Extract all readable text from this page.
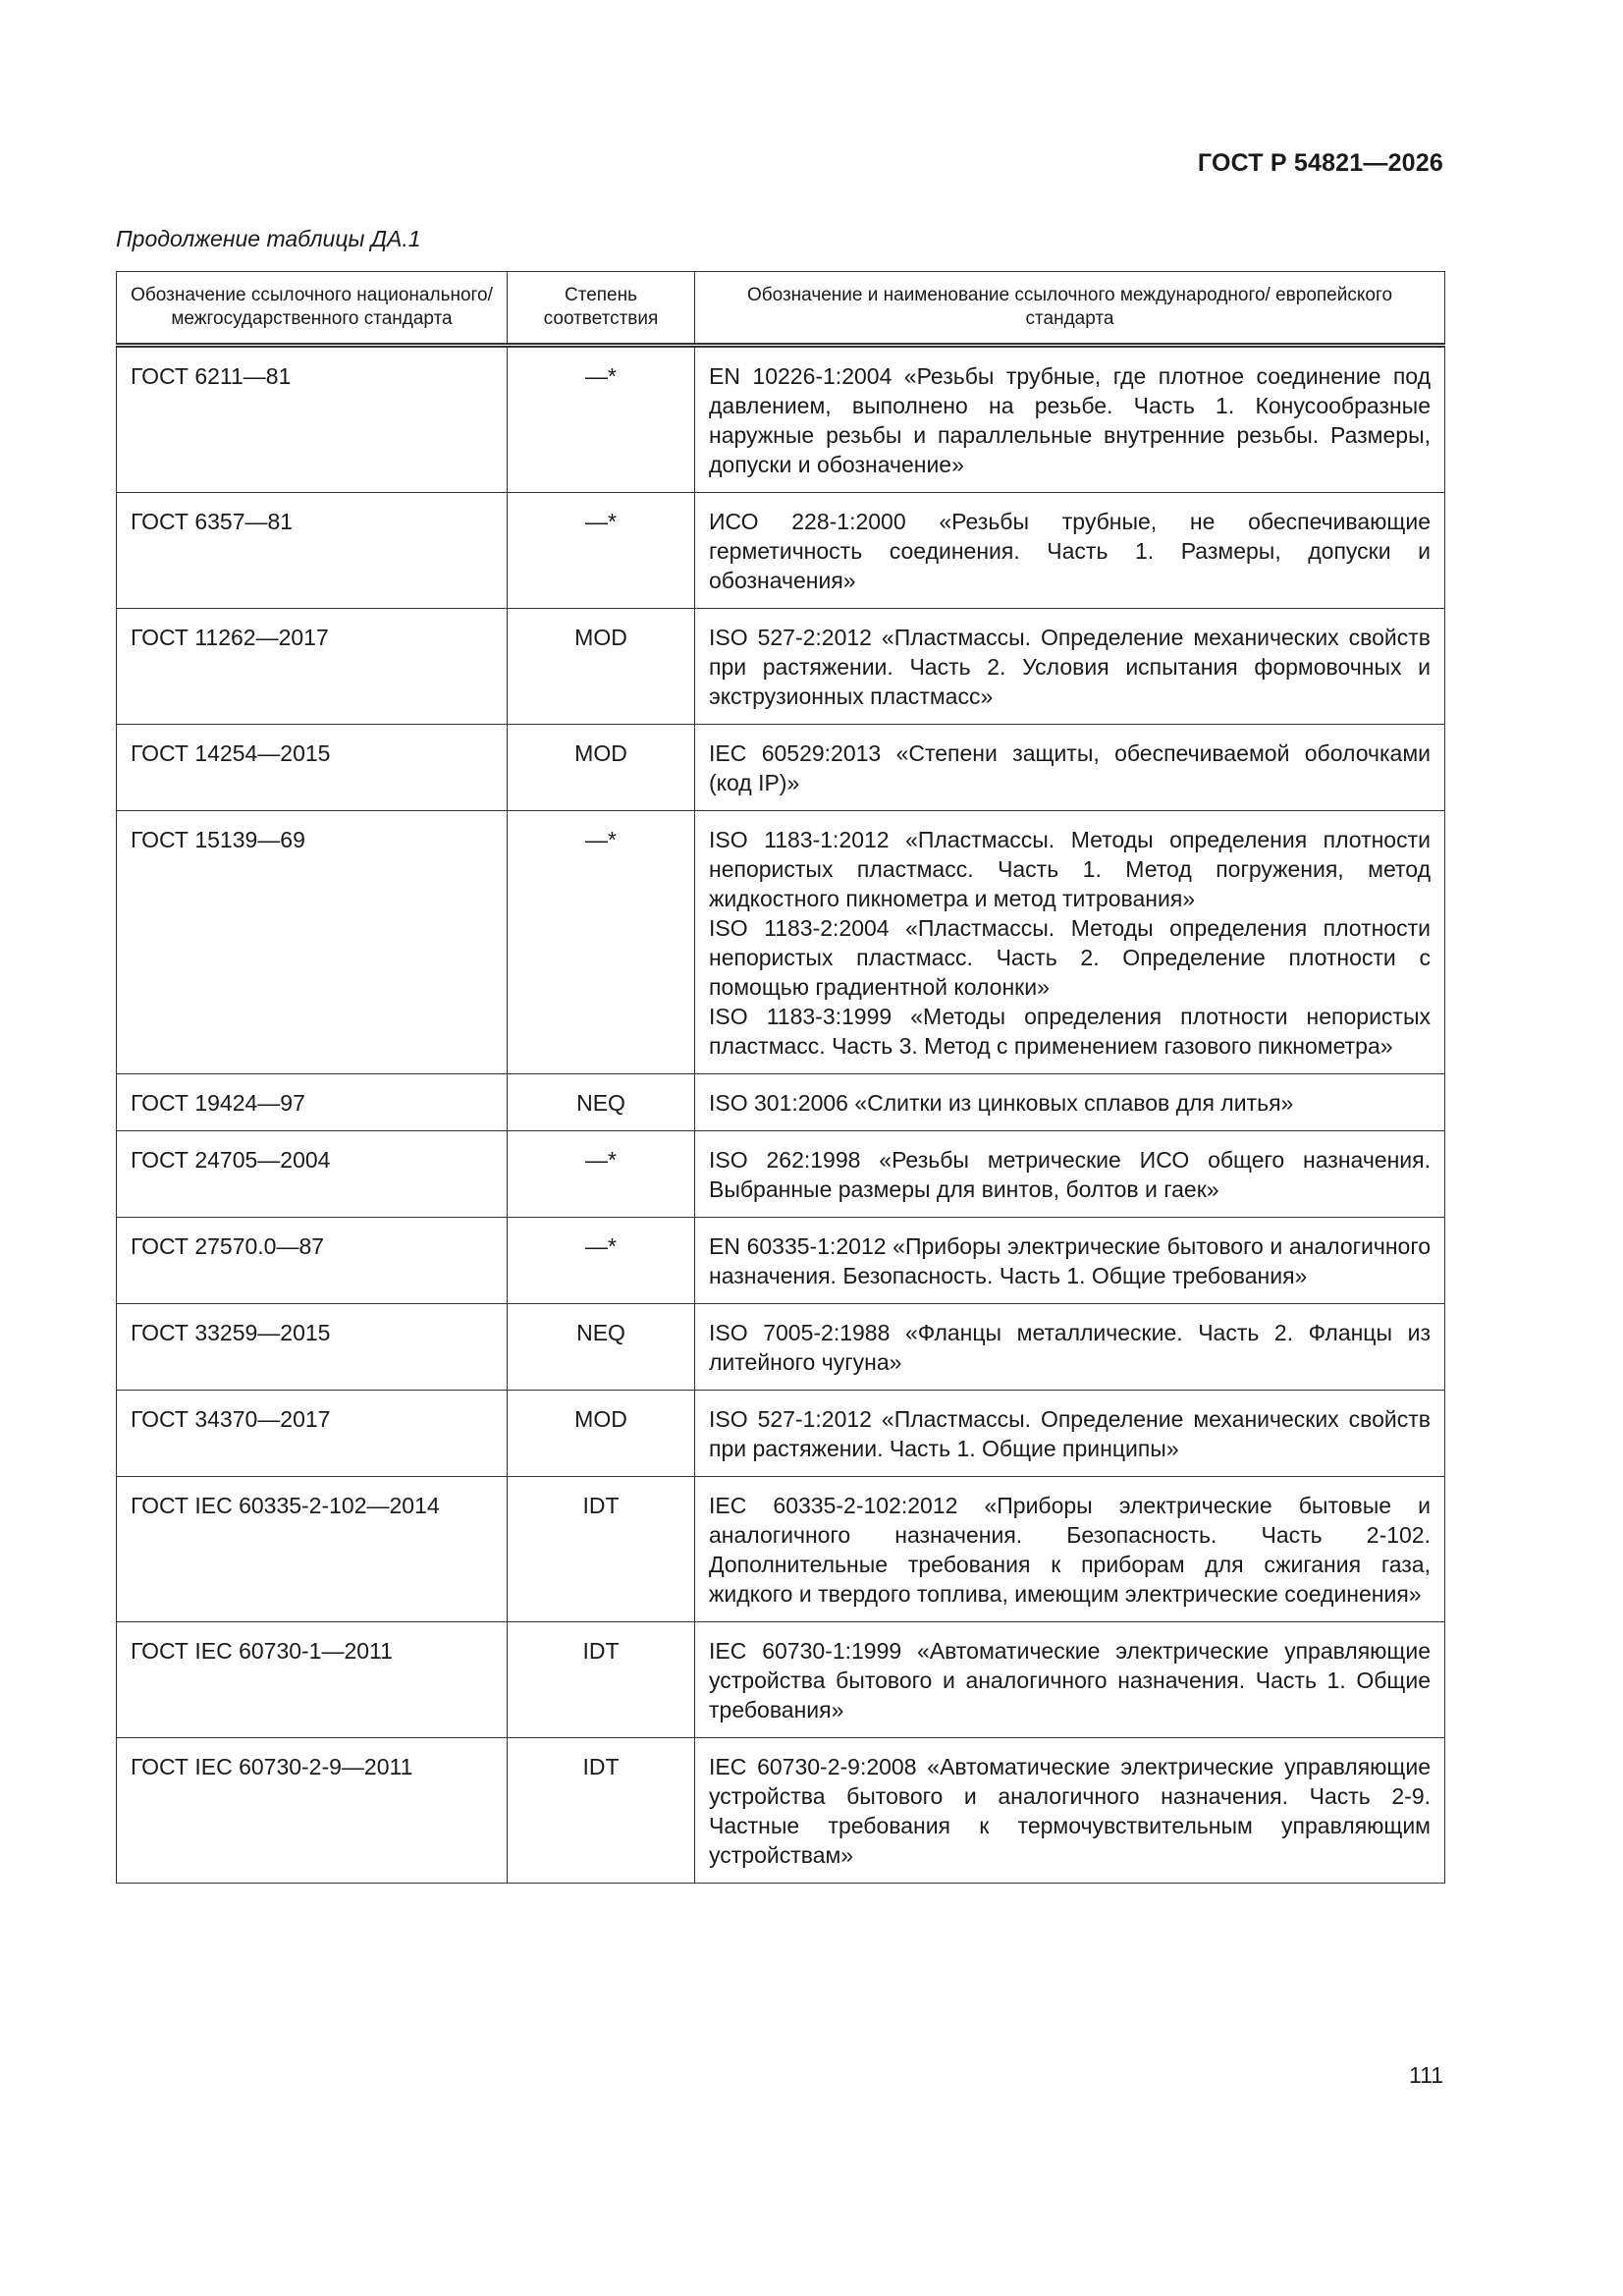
ГОСТ Р 54821—2026
Продолжение таблицы ДА.1
Обозначение ссылочного национального/ межгосударственного стандарта	Степень соответствия	Обозначение и наименование ссылочного международного/ европейского стандарта
ГОСТ 6211—81	—*	EN 10226-1:2004 «Резьбы трубные, где плотное соединение под давлением, выполнено на резьбе. Часть 1. Конусообразные наружные резьбы и параллельные внутренние резьбы. Размеры, допуски и обозначение»

ГОСТ 6357—81	—*	ИСО 228-1:2000 «Резьбы трубные, не обеспечивающие герметичность соединения. Часть 1. Размеры, допуски и обозначения»

ГОСТ 11262—2017	MOD	ISO 527-2:2012 «Пластмассы. Определение механических свойств при растяжении. Часть 2. Условия испытания формовочных и экструзионных пластмасс»

ГОСТ 14254—2015	MOD	IEC 60529:2013 «Степени защиты, обеспечиваемой оболочками (код IP)»

ГОСТ 15139—69	—*	ISO 1183-1:2012 «Пластмассы. Методы определения плотности непористых пластмасс. Часть 1. Метод погружения, метод жидкостного пикнометра и метод титрования»
ISO 1183-2:2004 «Пластмассы. Методы определения плотности непористых пластмасс. Часть 2. Определение плотности с помощью градиентной колонки»
ISO 1183-3:1999 «Методы определения плотности непористых пластмасс. Часть 3. Метод с применением газового пикнометра»

ГОСТ 19424—97	NEQ	ISO 301:2006 «Слитки из цинковых сплавов для литья»

ГОСТ 24705—2004	—*	ISO 262:1998 «Резьбы метрические ИСО общего назначения. Выбранные размеры для винтов, болтов и гаек»

ГОСТ 27570.0—87	—*	EN 60335-1:2012 «Приборы электрические бытового и аналогичного назначения. Безопасность. Часть 1. Общие требования»

ГОСТ 33259—2015	NEQ	ISO 7005-2:1988 «Фланцы металлические. Часть 2. Фланцы из литейного чугуна»

ГОСТ 34370—2017	MOD	ISO 527-1:2012 «Пластмассы. Определение механических свойств при растяжении. Часть 1. Общие принципы»

ГОСТ IEC 60335-2-102—2014	IDT	IEC 60335-2-102:2012 «Приборы электрические бытовые и аналогичного назначения. Безопасность. Часть 2-102. Дополнительные требования к приборам для сжигания газа, жидкого и твердого топлива, имеющим электрические соединения»

ГОСТ IEC 60730-1—2011	IDT	IEC 60730-1:1999 «Автоматические электрические управляющие устройства бытового и аналогичного назначения. Часть 1. Общие требования»

ГОСТ IEC 60730-2-9—2011	IDT	IEC 60730-2-9:2008 «Автоматические электрические управляющие устройства бытового и аналогичного назначения. Часть 2-9. Частные требования к термочувствительным управляющим устройствам»
111
